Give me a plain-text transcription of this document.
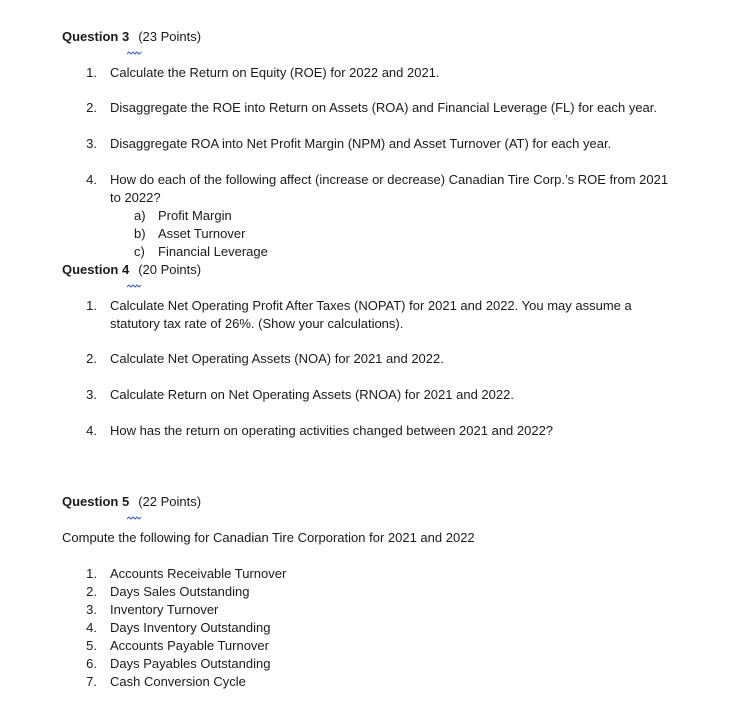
Question 3 (23 Points)
1. Calculate the Return on Equity (ROE) for 2022 and 2021.
2. Disaggregate the ROE into Return on Assets (ROA) and Financial Leverage (FL) for each year.
3. Disaggregate ROA into Net Profit Margin (NPM) and Asset Turnover (AT) for each year.
4. How do each of the following affect (increase or decrease) Canadian Tire Corp.’s ROE from 2021
to 2022?
a) Profit Margin
b) Asset Turnover
c) Financial Leverage
Question 4 (20 Points)
1. Calculate Net Operating Profit After Taxes (NOPAT) for 2021 and 2022. You may assume a
statutory tax rate of 26%. (Show your calculations).
2. Calculate Net Operating Assets (NOA) for 2021 and 2022.
3. Calculate Return on Net Operating Assets (RNOA) for 2021 and 2022.
4. How has the return on operating activities changed between 2021 and 2022?
Question 5 (22 Points)
Compute the following for Canadian Tire Corporation for 2021 and 2022
1. Accounts Receivable Turnover
2. Days Sales Outstanding
3. Inventory Turnover
4. Days Inventory Outstanding
5. Accounts Payable Turnover
6. Days Payables Outstanding
7. Cash Conversion Cycle
